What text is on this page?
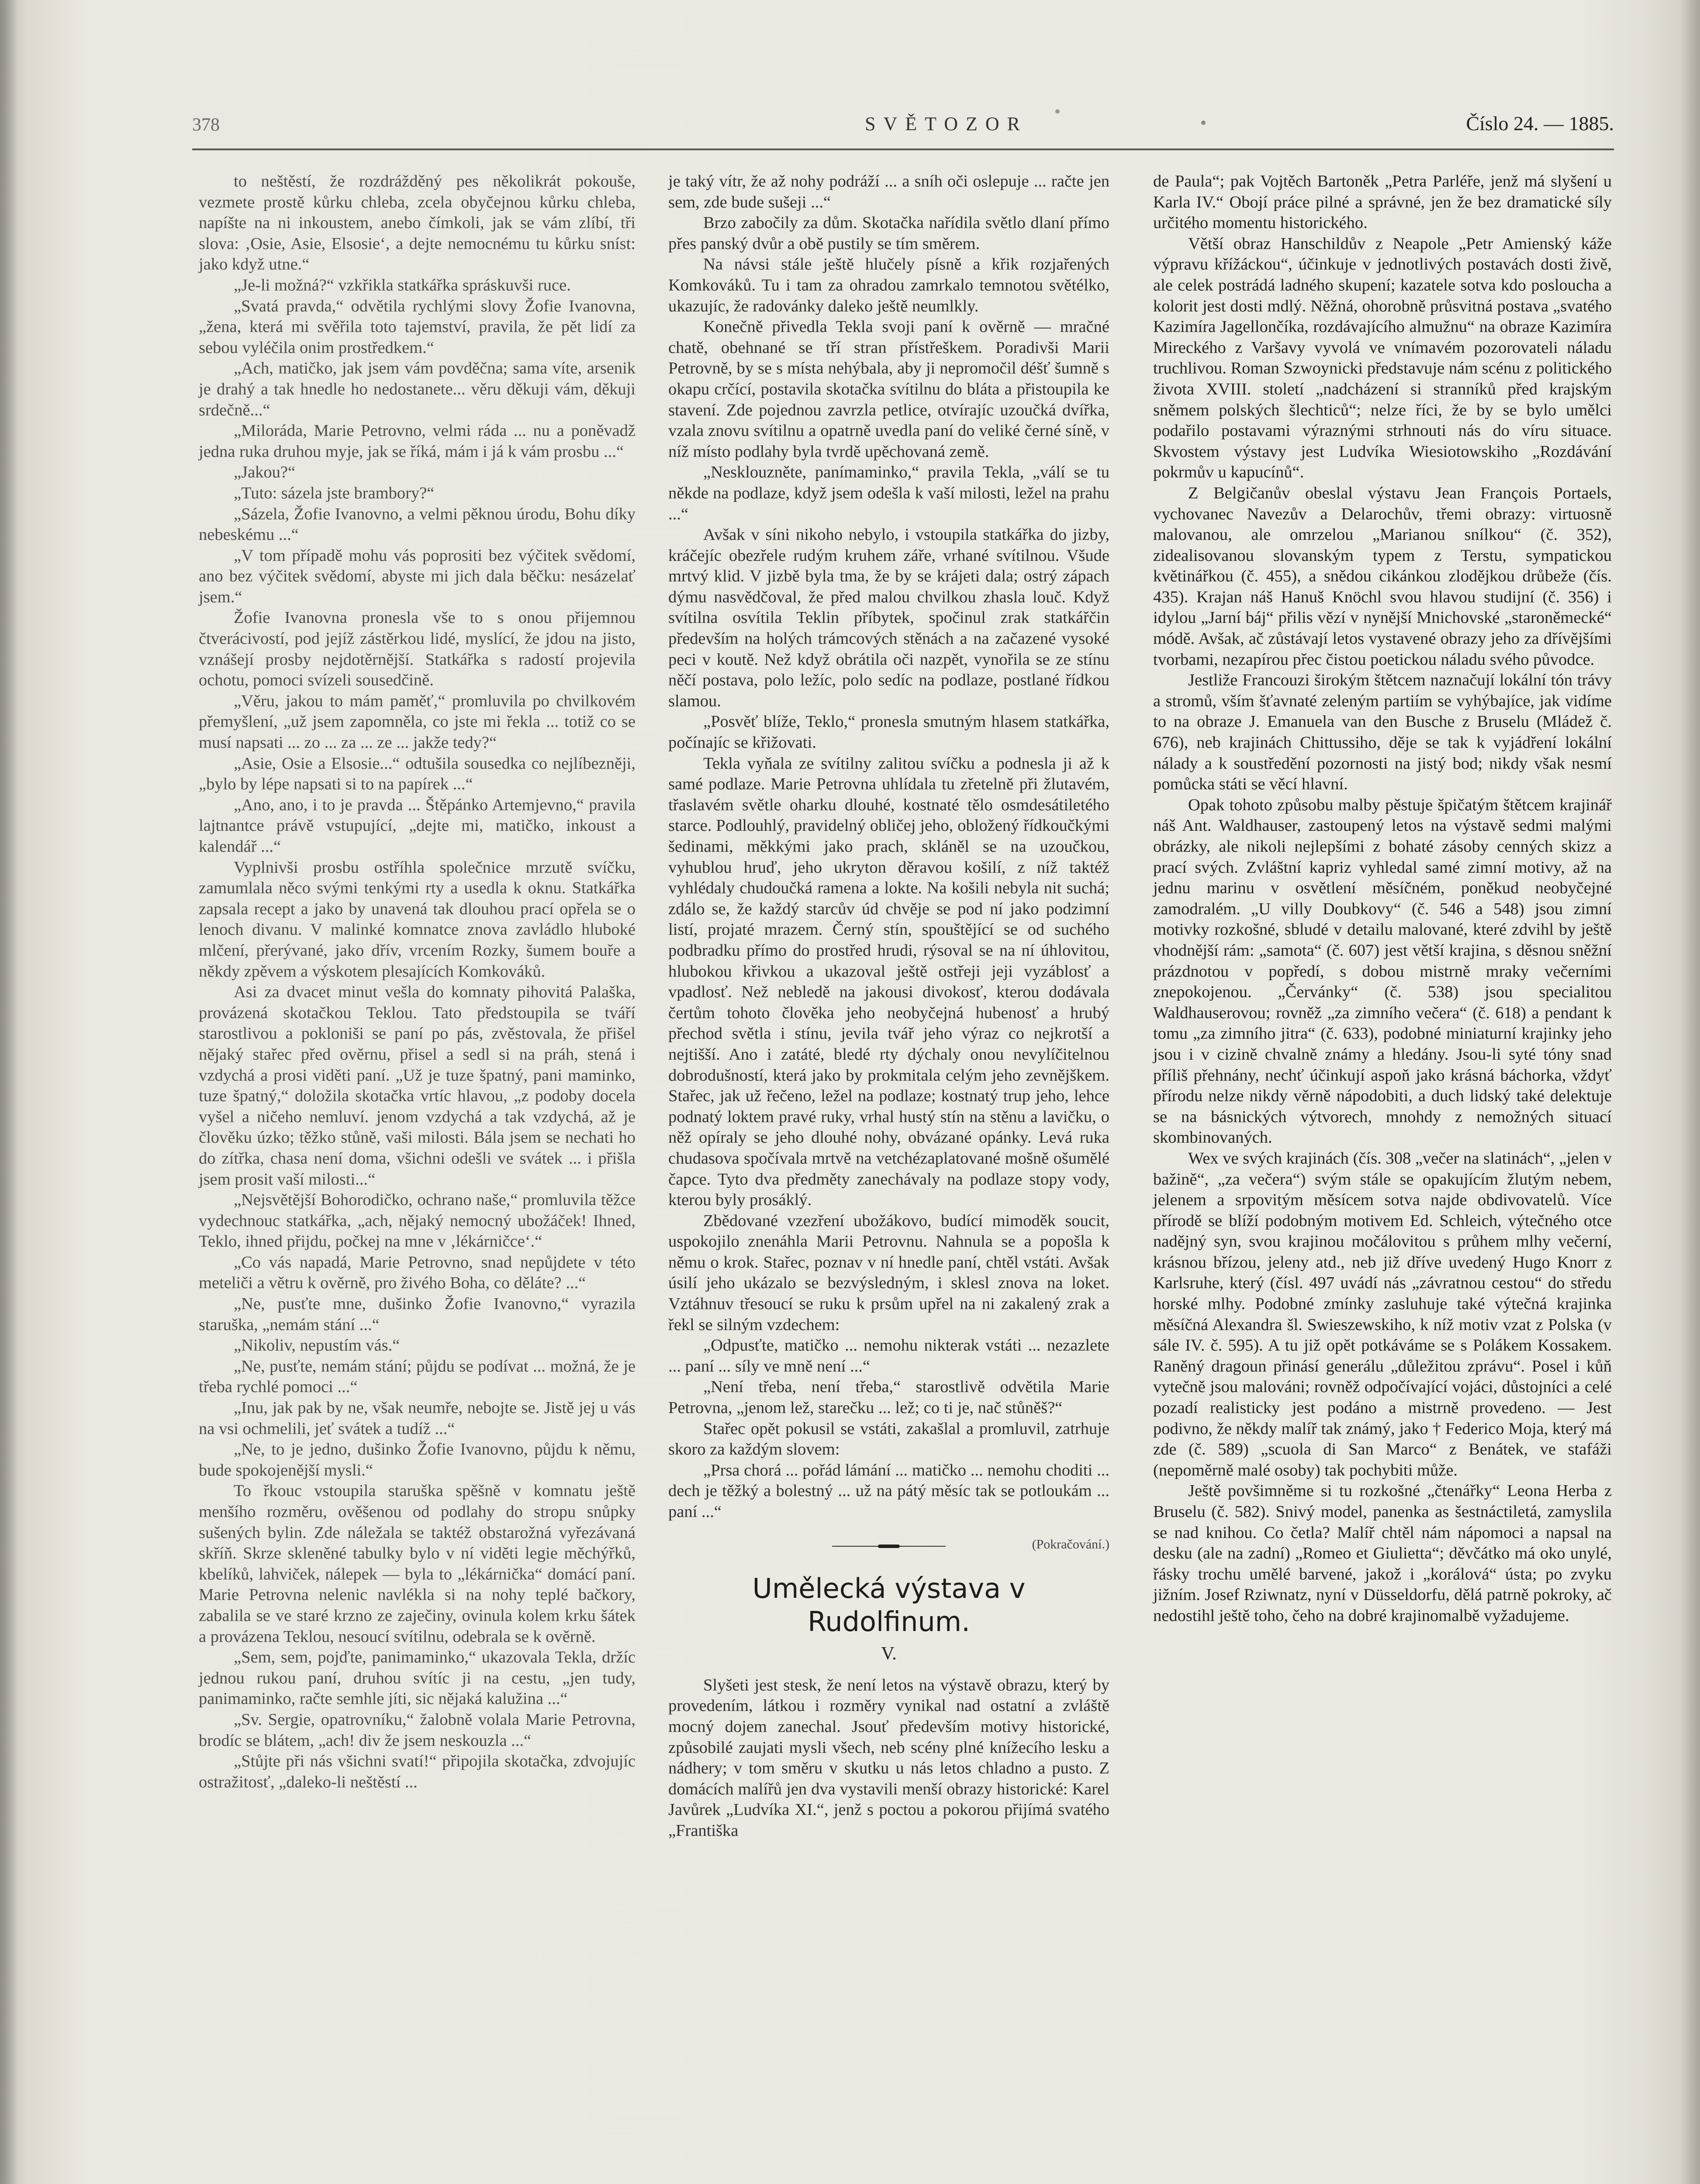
378	SVĚTOZOR	Číslo 24. — 1885.

to neštěstí, že rozdrážděný pes několikrát pokouše, vezmete prostě kůrku chleba, zcela obyčejnou kůrku chleba, napíšte na ni inkoustem, anebo čímkoli, jak se vám zlíbí, tři slova: ‚Osie, Asie, Elsosie‘, a dejte nemocnému tu kůrku sníst: jako když utne.“

„Je-li možná?“ vzkřikla statkářka spráskuvši ruce.

„Svatá pravda,“ odvětila rychlými slovy Žofie Ivanovna, „žena, která mi svěřila toto tajemství, pravila, že pět lidí za sebou vyléčila onim prostředkem.“

„Ach, matičko, jak jsem vám povděčna; sama víte, arsenik je drahý a tak hnedle ho nedostanete... věru děkuji vám, děkuji srdečně...“

„Miloráda, Marie Petrovno, velmi ráda ... nu a poněvadž jedna ruka druhou myje, jak se říká, mám i já k vám prosbu ...“

„Jakou?“

„Tuto: sázela jste brambory?“

„Sázela, Žofie Ivanovno, a velmi pěknou úrodu, Bohu díky nebeskému ...“

„V tom případě mohu vás poprositi bez výčitek svědomí, ano bez výčitek svědomí, abyste mi jich dala běčku: nesázelať jsem.“

Žofie Ivanovna pronesla vše to s onou přijemnou čtverácivostí, pod jejíž zástěrkou lidé, myslící, že jdou na jisto, vznášejí prosby nejdotěrnější. Statkářka s radostí projevila ochotu, pomoci svízeli sousedčině.

„Věru, jakou to mám paměť,“ promluvila po chvilkovém přemyšlení, „už jsem zapomněla, co jste mi řekla ... totiž co se musí napsati ... zo ... za ... ze ... jakže tedy?“

„Asie, Osie a Elsosie...“ odtušila sousedka co nejlíbezněji, „bylo by lépe napsati si to na papírek ...“

„Ano, ano, i to je pravda ... Štěpánko Artemjevno,“ pravila lajtnantce právě vstupující, „dejte mi, matičko, inkoust a kalendář ...“

Vyplnivši prosbu ostříhla společnice mrzutě svíčku, zamumlala něco svými tenkými rty a usedla k oknu. Statkářka zapsala recept a jako by unavená tak dlouhou prací opřela se o lenoch divanu. V malinké komnatce znova zavládlo hluboké mlčení, přerývané, jako dřív, vrcením Rozky, šumem bouře a někdy zpěvem a výskotem plesajících Komkováků.

Asi za dvacet minut vešla do komnaty pihovitá Palaška, provázená skotačkou Teklou. Tato předstoupila se tváří starostlivou a pokloniši se paní po pás, zvěstovala, že přišel nějaký stařec před ověrnu, přisel a sedl si na práh, stená i vzdychá a prosi viděti paní. „Už je tuze špatný, pani maminko, tuze špatný,“ doložila skotačka vrtíc hlavou, „z podoby docela vyšel a ničeho nemluví. jenom vzdychá a tak vzdychá, až je člověku úzko; těžko stůně, vaši milosti. Bála jsem se nechati ho do zítřka, chasa není doma, všichni odešli ve svátek ... i přišla jsem prosit vaší milosti...“

„Nejsvětější Bohorodičko, ochrano naše,“ promluvila těžce vydechnouc statkářka, „ach, nějaký nemocný ubožáček! Ihned, Teklo, ihned přijdu, počkej na mne v ‚lékárničce‘.“

„Co vás napadá, Marie Petrovno, snad nepůjdete v této meteliči a větru k ověrně, pro živého Boha, co děláte? ...“

„Ne, pusťte mne, dušinko Žofie Ivanovno,“ vyrazila staruška, „nemám stání ...“

„Nikoliv, nepustím vás.“

„Ne, pusťte, nemám stání; půjdu se podívat ... možná, že je třeba rychlé pomoci ...“

„Inu, jak pak by ne, však neumře, nebojte se. Jistě jej u vás na vsi ochmelili, jeť svátek a tudíž ...“

„Ne, to je jedno, dušinko Žofie Ivanovno, půjdu k němu, bude spokojenější mysli.“

To řkouc vstoupila staruška spěšně v komnatu ještě menšího rozměru, ověšenou od podlahy do stropu snůpky sušených bylin. Zde náležala se taktéž obstarožná vyřezávaná skříň. Skrze skleněné tabulky bylo v ní viděti legie měchýřků, kbelíků, lahviček, nálepek — byla to „lékárnička“ domácí paní. Marie Petrovna nelenic navlékla si na nohy teplé bačkory, zabalila se ve staré krzno ze zaječiny, ovinula kolem krku šátek a provázena Teklou, nesoucí svítilnu, odebrala se k ověrně.

„Sem, sem, pojďte, panimaminko,“ ukazovala Tekla, držíc jednou rukou paní, druhou svítíc ji na cestu, „jen tudy, panimaminko, račte semhle jíti, sic nějaká kalužina ...“

„Sv. Sergie, opatrovníku,“ žalobně volala Marie Petrovna, brodíc se blátem, „ach! div že jsem neskouzla ...“

„Stůjte při nás všichni svatí!“ připojila skotačka, zdvojujíc ostražitosť, „daleko-li neštěstí ...

je taký vítr, že až nohy podráží ... a sníh oči oslepuje ... račte jen sem, zde bude sušeji ...“

Brzo zabočily za dům. Skotačka nařídila světlo dlaní přímo přes panský dvůr a obě pustily se tím směrem.

Na návsi stále ještě hlučely písně a křik rozjařených Komkováků. Tu i tam za ohradou zamrkalo temnotou světélko, ukazujíc, že radovánky daleko ještě neumlkly.

Konečně přivedla Tekla svoji paní k ověrně — mračné chatě, obehnané se tří stran přístřeškem. Poradivši Marii Petrovně, by se s místa nehýbala, aby ji nepromočil déšť šumně s okapu crčící, postavila skotačka svítilnu do bláta a přistoupila ke stavení. Zde pojednou zavrzla petlice, otvírajíc uzoučká dvířka, vzala znovu svítilnu a opatrně uvedla paní do veliké černé síně, v níž místo podlahy byla tvrdě upěchovaná země.

„Nesklouzněte, panímaminko,“ pravila Tekla, „válí se tu někde na podlaze, když jsem odešla k vaší milosti, ležel na prahu ...“

Avšak v síni nikoho nebylo, i vstoupila statkářka do jizby, kráčejíc obezřele rudým kruhem záře, vrhané svítilnou. Všude mrtvý klid. V jizbě byla tma, že by se krájeti dala; ostrý zápach dýmu nasvědčoval, že před malou chvilkou zhasla louč. Když svítilna osvítila Teklin příbytek, spočinul zrak statkářčin především na holých trámcových stěnách a na začazené vysoké peci v koutě. Než když obrátila oči nazpět, vynořila se ze stínu něčí postava, polo ležíc, polo sedíc na podlaze, postlané řídkou slamou.

„Posvěť blíže, Teklo,“ pronesla smutným hlasem statkářka, počínajíc se křižovati.

Tekla vyňala ze svítilny zalitou svíčku a podnesla ji až k samé podlaze. Marie Petrovna uhlídala tu zřetelně při žlutavém, třaslavém světle oharku dlouhé, kostnaté tělo osmdesátiletého starce. Podlouhlý, pravidelný obličej jeho, obložený řídkoučkými šedinami, měkkými jako prach, skláněl se na uzoučkou, vyhublou hruď, jeho ukryton děravou košilí, z níž taktéž vyhlédaly chudoučká ramena a lokte. Na košili nebyla nit suchá; zdálo se, že každý starcův úd chvěje se pod ní jako podzimní listí, projaté mrazem. Černý stín, spouštějící se od suchého podbradku přímo do prostřed hrudi, rýsoval se na ní úhlovitou, hlubokou křivkou a ukazoval ještě ostřeji jeji vyzáblosť a vpadlosť. Než nebledě na jakousi divokosť, kterou dodávala čertům tohoto člověka jeho neobyčejná hubenosť a hrubý přechod světla i stínu, jevila tvář jeho výraz co nejkrotší a nejtišší. Ano i zatáté, bledé rty dýchaly onou nevylíčitelnou dobrodušností, která jako by prokmitala celým jeho zevnějškem. Stařec, jak už řečeno, ležel na podlaze; kostnatý trup jeho, lehce podnatý loktem pravé ruky, vrhal hustý stín na stěnu a lavičku, o něž opíraly se jeho dlouhé nohy, obvázané opánky. Levá ruka chudasova spočívala mrtvě na vetchézaplatované mošně ošumělé čapce. Tyto dva předměty zanechávaly na podlaze stopy vody, kterou byly prosáklý.

Zbědované vzezření ubožákovo, budící mimoděk soucit, uspokojilo znenáhla Marii Petrovnu. Nahnula se a popošla k němu o krok. Stařec, poznav v ní hnedle paní, chtěl vstáti. Avšak úsilí jeho ukázalo se bezvýsledným, i sklesl znova na loket. Vztáhnuv třesoucí se ruku k prsům upřel na ni zakalený zrak a řekl se silným vzdechem:

„Odpusťte, matičko ... nemohu nikterak vstáti ... nezazlete ... paní ... síly ve mně není ...“

„Není třeba, není třeba,“ starostlivě odvětila Marie Petrovna, „jenom lež, starečku ... lež; co ti je, nač stůněš?“

Stařec opět pokusil se vstáti, zakašlal a promluvil, zatrhuje skoro za každým slovem:

„Prsa chorá ... pořád lámání ... matičko ... nemohu choditi ... dech je těžký a bolestný ... už na pátý měsíc tak se potloukám ... paní ...“

(Pokračování.)
Umělecká výstava v Rudolfinum.
V.

Slyšeti jest stesk, že není letos na výstavě obrazu, který by provedením, látkou i rozměry vynikal nad ostatní a zvláště mocný dojem zanechal. Jsouť především motivy historické, způsobilé zaujati mysli všech, neb scény plné knížecího lesku a nádhery; v tom směru v skutku u nás letos chladno a pusto. Z domácích malířů jen dva vystavili menší obrazy historické: Karel Javůrek „Ludvíka XI.“, jenž s poctou a pokorou přijímá svatého „Františka

de Paula“; pak Vojtěch Bartoněk „Petra Parléře, jenž má slyšení u Karla IV.“ Obojí práce pilné a správné, jen že bez dramatické síly určitého momentu historického.

Větší obraz Hanschildův z Neapole „Petr Amienský káže výpravu křížáckou“, účinkuje v jednotlivých postavách dosti živě, ale celek postrádá ladného skupení; kazatele sotva kdo posloucha a kolorit jest dosti mdlý. Něžná, ohorobně průsvitná postava „svatého Kazimíra Jagellončíka, rozdávajícího almužnu“ na obraze Kazimíra Mireckého z Varšavy vyvolá ve vnímavém pozorovateli náladu truchlivou. Roman Szwoynicki představuje nám scénu z politického života XVIII. století „nadcházení si stranníků před krajským sněmem polských šlechticů“; nelze říci, že by se bylo umělci podařilo postavami výraznými strhnouti nás do víru situace. Skvostem výstavy jest Ludvíka Wiesiotowskiho „Rozdávání pokrmův u kapucínů“.

Z Belgičanův obeslal výstavu Jean François Portaels, vychovanec Navezův a Delarochův, třemi obrazy: virtuosně malovanou, ale omrzelou „Marianou snílkou“ (č. 352), zidealisovanou slovanským typem z Terstu, sympatickou květinářkou (č. 455), a snědou cikánkou zlodějkou drůbeže (čís. 435). Krajan náš Hanuš Knöchl svou hlavou studijní (č. 356) i idylou „Jarní báj“ přilis vězí v nynější Mnichovské „staroněmecké“ módě. Avšak, ač zůstávají letos vystavené obrazy jeho za dřívějšími tvorbami, nezapírou přec čistou poetickou náladu svého původce.

Jestliže Francouzi širokým štětcem naznačují lokální tón trávy a stromů, vším šťavnaté zeleným partiím se vyhýbajíce, jak vidíme to na obraze J. Emanuela van den Busche z Bruselu (Mládež č. 676), neb krajinách Chittussiho, děje se tak k vyjádření lokální nálady a k soustředění pozornosti na jistý bod; nikdy však nesmí pomůcka státi se věcí hlavní.

Opak tohoto způsobu malby pěstuje špičatým štětcem krajinář náš Ant. Waldhauser, zastoupený letos na výstavě sedmi malými obrázky, ale nikoli nejlepšími z bohaté zásoby cenných skizz a prací svých. Zvláštní kapriz vyhledal samé zimní motivy, až na jednu marinu v osvětlení měsíčném, poněkud neobyčejné zamodralém. „U villy Doubkovy“ (č. 546 a 548) jsou zimní motivky rozkošné, sbludé v detailu malované, které zdvihl by ještě vhodnější rám: „samota“ (č. 607) jest větší krajina, s děsnou sněžní prázdnotou v popředí, s dobou mistrně mraky večerními znepokojenou. „Červánky“ (č. 538) jsou specialitou Waldhauserovou; rovněž „za zimního večera“ (č. 618) a pendant k tomu „za zimního jitra“ (č. 633), podobné miniaturní krajinky jeho jsou i v cizině chvalně známy a hledány. Jsou-li syté tóny snad příliš přehnány, nechť účinkují aspoň jako krásná báchorka, vždyť přírodu nelze nikdy věrně nápodobiti, a duch lidský také delektuje se na básnických výtvorech, mnohdy z nemožných situací skombinovaných.

Wex ve svých krajinách (čís. 308 „večer na slatinách“, „jelen v bažině“, „za večera“) svým stále se opakujícím žlutým nebem, jelenem a srpovitým měsícem sotva najde obdivovatelů. Více přírodě se blíží podobným motivem Ed. Schleich, výtečného otce nadějný syn, svou krajinou močálovitou s průhem mlhy večerní, krásnou břízou, jeleny atd., neb již dříve uvedený Hugo Knorr z Karlsruhe, který (čísl. 497 uvádí nás „závratnou cestou“ do středu horské mlhy. Podobné zmínky zasluhuje také výtečná krajinka měsíčná Alexandra šl. Swieszewskiho, k níž motiv vzat z Polska (v sále IV. č. 595). A tu již opět potkáváme se s Polákem Kossakem. Raněný dragoun přinásí generálu „důležitou zprávu“. Posel i kůň vytečně jsou malováni; rovněž odpočívající vojáci, důstojníci a celé pozadí realisticky jest podáno a mistrně provedeno. — Jest podivno, že někdy malíř tak známý, jako † Federico Moja, který má zde (č. 589) „scuola di San Marco“ z Benátek, ve stafáži (nepoměrně malé osoby) tak pochybiti může.

Ještě povšimněme si tu rozkošné „čtenářky“ Leona Herba z Bruselu (č. 582). Snivý model, panenka as šestnáctiletá, zamyslila se nad knihou. Co četla? Malíř chtěl nám nápomoci a napsal na desku (ale na zadní) „Romeo et Giulietta“; děvčátko má oko unylé, řásky trochu umělé barvené, jakož i „korálová“ ústa; po zvyku jižním. Josef Rziwnatz, nyní v Düsseldorfu, dělá patrně pokroky, ač nedostihl ještě toho, čeho na dobré krajinomalbě vyžadujeme.
